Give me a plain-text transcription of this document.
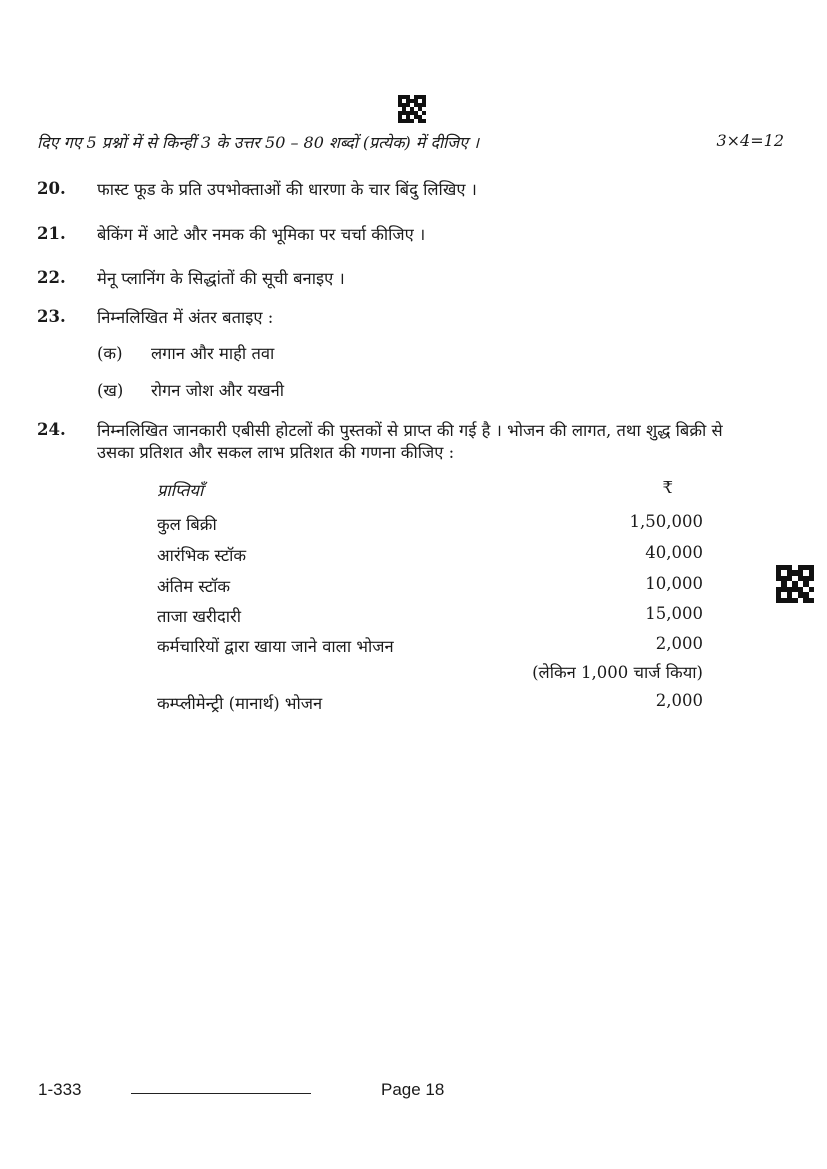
दिए गए 5 प्रश्नों में से किन्हीं 3 के उत्तर 50 – 80 शब्दों (प्रत्येक) में दीजिए ।	3×4=12
20. फास्ट फूड के प्रति उपभोक्ताओं की धारणा के चार बिंदु लिखिए ।
21. बेकिंग में आटे और नमक की भूमिका पर चर्चा कीजिए ।
22. मेनू प्लानिंग के सिद्धांतों की सूची बनाइए ।
23. निम्नलिखित में अंतर बताइए :
(क) लगान और माही तवा
(ख) रोगन जोश और यखनी
24. निम्नलिखित जानकारी एबीसी होटलों की पुस्तकों से प्राप्त की गई है । भोजन की लागत, तथा शुद्ध बिक्री से उसका प्रतिशत और सकल लाभ प्रतिशत की गणना कीजिए :
प्राप्तियाँ	₹
कुल बिक्री	1,50,000
आरंभिक स्टॉक	40,000
अंतिम स्टॉक	10,000
ताजा खरीदारी	15,000
कर्मचारियों द्वारा खाया जाने वाला भोजन	2,000
(लेकिन 1,000 चार्ज किया)
कम्प्लीमेन्ट्री (मानार्थ) भोजन	2,000
1-333	Page 18
